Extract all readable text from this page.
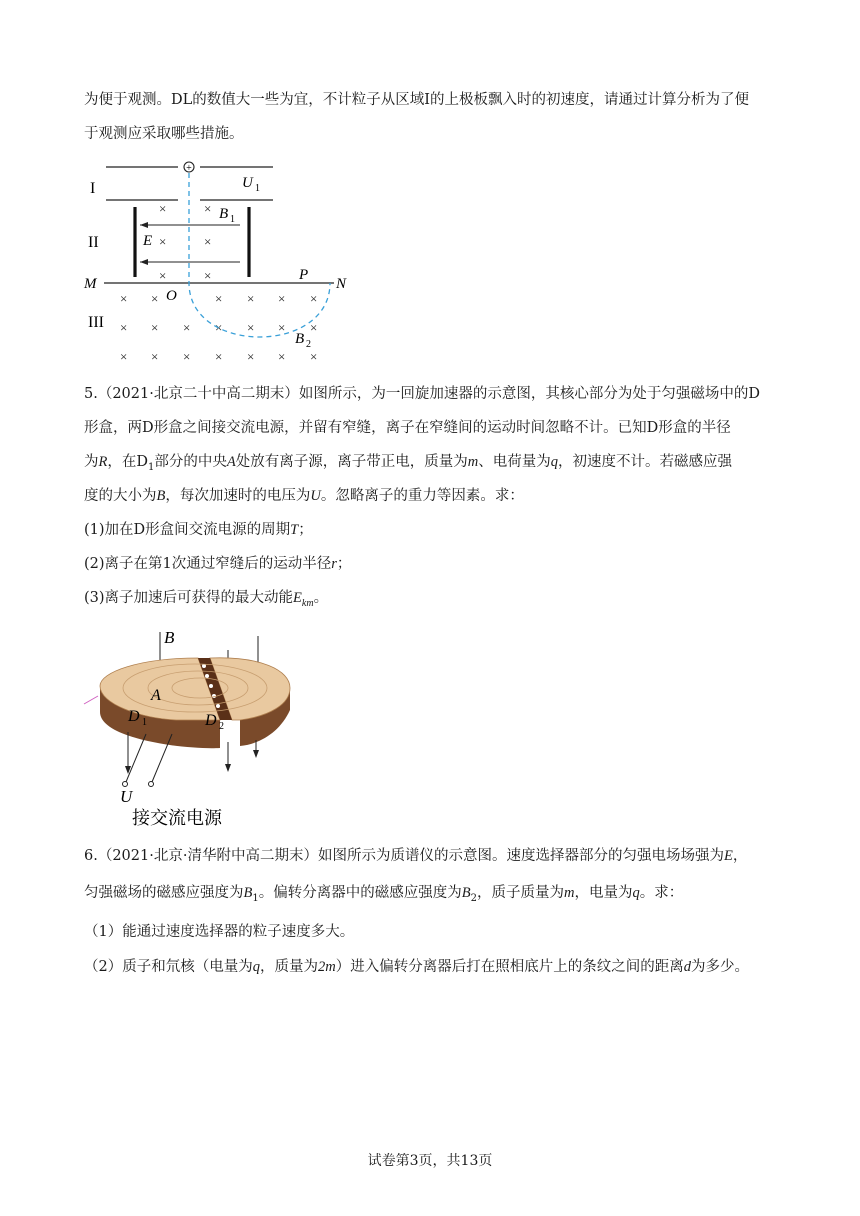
为便于观测。DL的数值大一些为宜，不计粒子从区域I的上极板飘入时的初速度，请通过计算分析为了便
于观测应采取哪些措施。
+
I	U 1
II	E
B 1
×	×
×	×
×	×
M	N
O
P
III
× ×	× × × ×
× × × × × × ×
× × × × × × ×
B 2
5.（2021·北京二十中高二期末）如图所示，为一回旋加速器的示意图，其核心部分为处于匀强磁场中的D
形盒，两D形盒之间接交流电源，并留有窄缝，离子在窄缝间的运动时间忽略不计。已知D形盒的半径
为R，在$D_1$部分的中央A处放有离子源，离子带正电，质量为m、电荷量为q，初速度不计。若磁感应强
度的大小为B，每次加速时的电压为U。忽略离子的重力等因素。求：
(1)加在D形盒间交流电源的周期T；
(2)离子在第1次通过窄缝后的运动半径r；
(3)离子加速后可获得的最大动能$E_{km}$。
B
A
D 1	D 2
U
接交流电源
6.（2021·北京·清华附中高二期末）如图所示为质谱仪的示意图。速度选择器部分的匀强电场场强为E，
匀强磁场的磁感应强度为$B_1$。偏转分离器中的磁感应强度为$B_2$，质子质量为m，电量为q。求：
（1）能通过速度选择器的粒子速度多大。
（2）质子和氘核（电量为q，质量为2m）进入偏转分离器后打在照相底片上的条纹之间的距离d为多少。
试卷第3页，共13页
